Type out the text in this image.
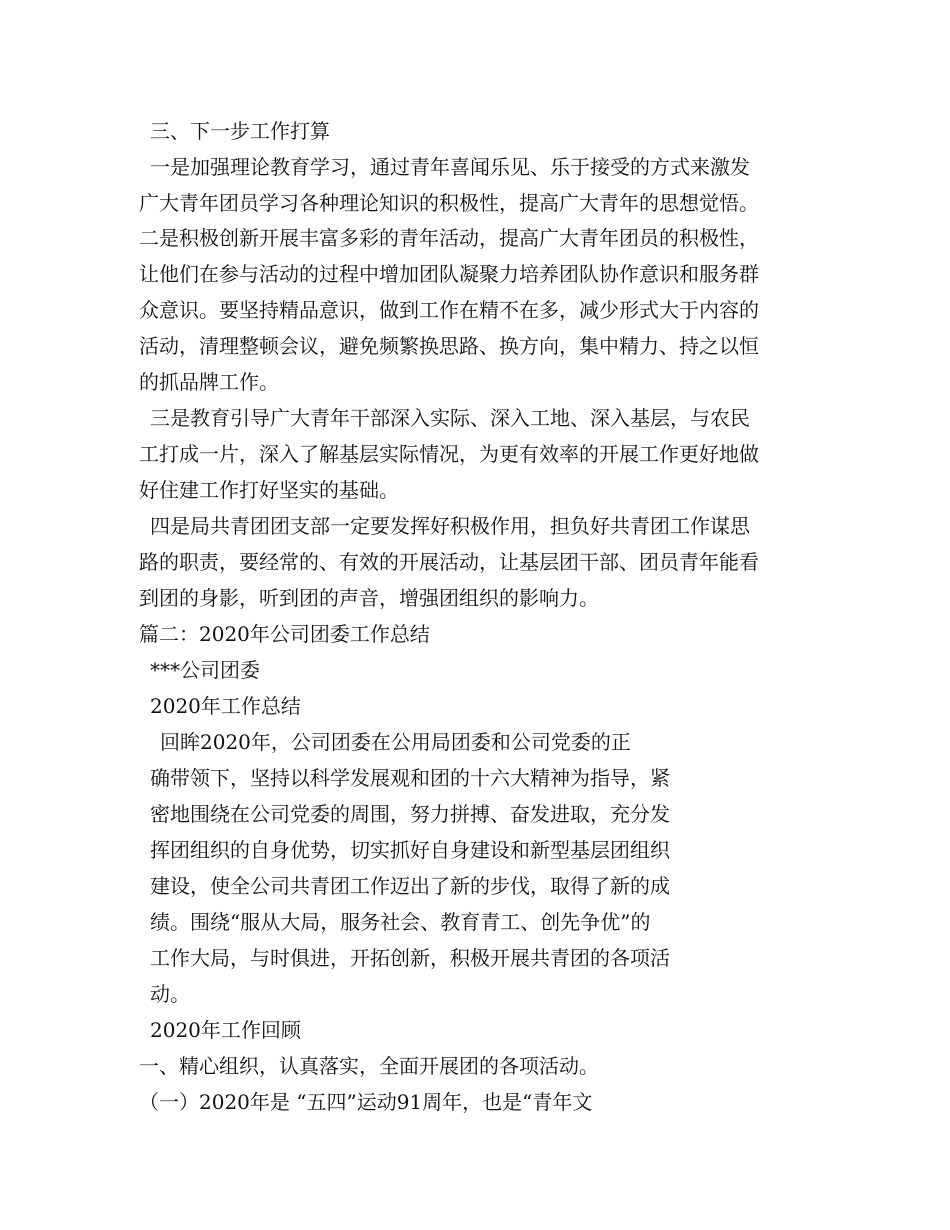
三、下一步工作打算
一是加强理论教育学习，通过青年喜闻乐见、乐于接受的方式来激发
广大青年团员学习各种理论知识的积极性，提高广大青年的思想觉悟。
二是积极创新开展丰富多彩的青年活动，提高广大青年团员的积极性，
让他们在参与活动的过程中增加团队凝聚力培养团队协作意识和服务群
众意识。要坚持精品意识，做到工作在精不在多，减少形式大于内容的
活动，清理整顿会议，避免频繁换思路、换方向，集中精力、持之以恒
的抓品牌工作。
三是教育引导广大青年干部深入实际、深入工地、深入基层，与农民
工打成一片，深入了解基层实际情况，为更有效率的开展工作更好地做
好住建工作打好坚实的基础。
四是局共青团团支部一定要发挥好积极作用，担负好共青团工作谋思
路的职责，要经常的、有效的开展活动，让基层团干部、团员青年能看
到团的身影，听到团的声音，增强团组织的影响力。
篇二：2020年公司团委工作总结
***公司团委
2020年工作总结
回眸2020年，公司团委在公用局团委和公司党委的正
确带领下，坚持以科学发展观和团的十六大精神为指导，紧
密地围绕在公司党委的周围，努力拼搏、奋发进取，充分发
挥团组织的自身优势，切实抓好自身建设和新型基层团组织
建设，使全公司共青团工作迈出了新的步伐，取得了新的成
绩。围绕“服从大局，服务社会、教育青工、创先争优”的
工作大局，与时俱进，开拓创新，积极开展共青团的各项活
动。
2020年工作回顾
一、精心组织，认真落实，全面开展团的各项活动。
（一）2020年是 “五四”运动91周年，也是“青年文
